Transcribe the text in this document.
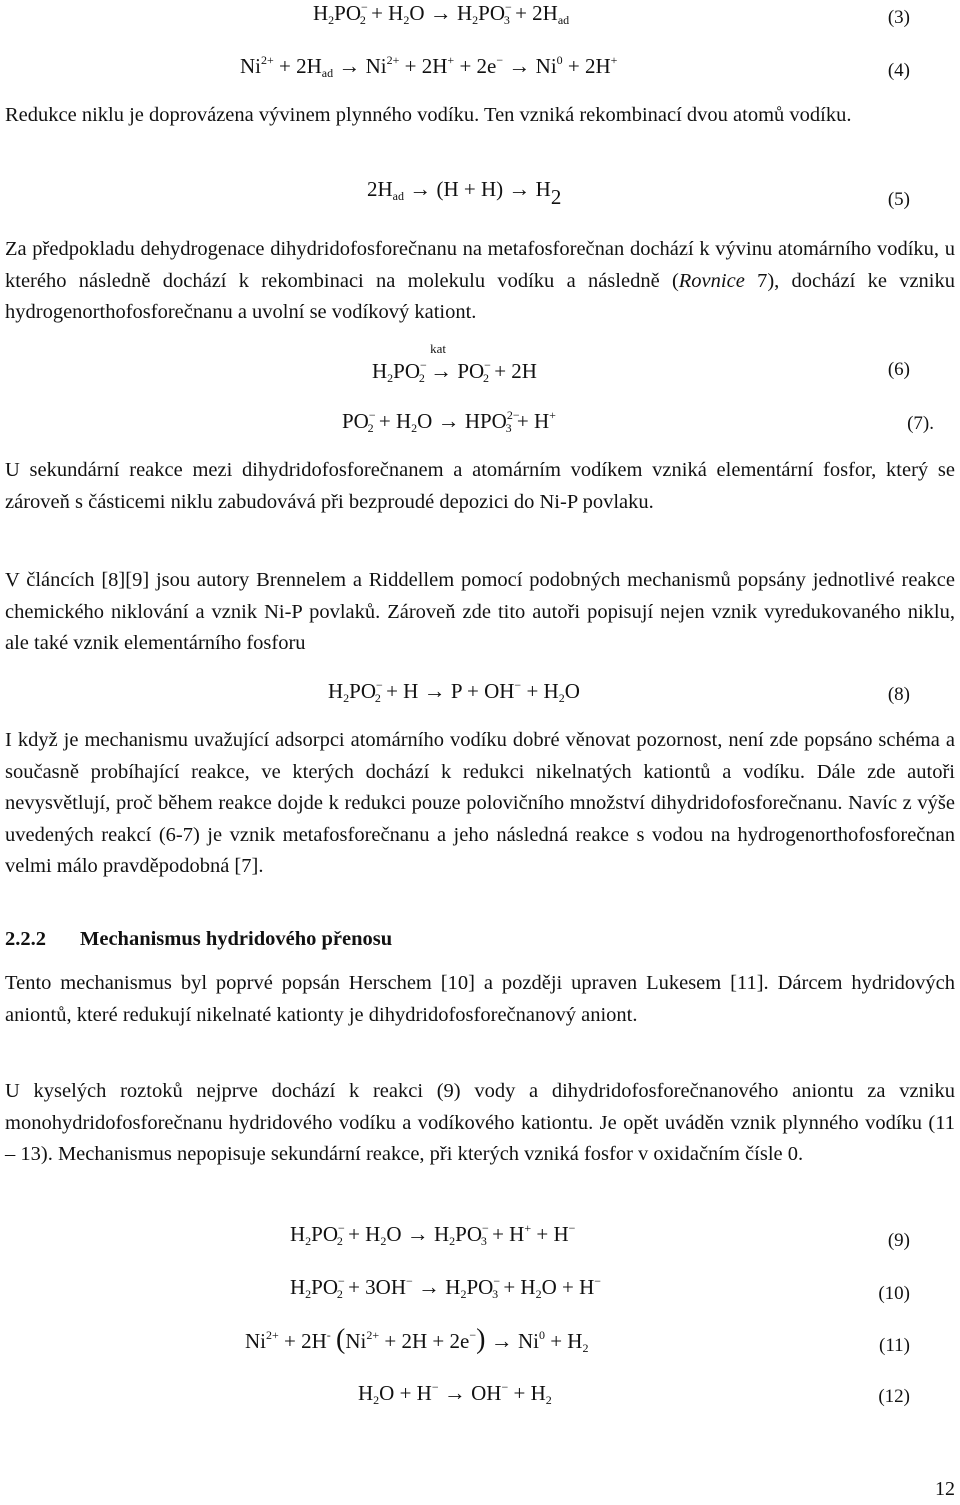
$H_2PO^-_2 + H_2O \to H_2PO^-_3 + 2H_{ad}$	(3)
$Ni^{2+} + 2H_{ad} \to Ni^{2+} + 2H^+ + 2e^- \to Ni^0 + 2H^+$	(4)

Redukce niklu je doprovázena vývinem plynného vodíku. Ten vzniká rekombinací dvou atomů vodíku.

$2H_{ad} \to (H + H) \to H_2$	(5)

Za předpokladu dehydrogenace dihydridofosforečnanu na metafosforečnan dochází k vývinu atomárního vodíku, u kterého následně dochází k rekombinaci na molekulu vodíku a následně (Rovnice 7), dochází ke vzniku hydrogenorthofosforečnanu a uvolní se vodíkový kationt.

$H_2PO^-_2$
kat
→ $PO^-_2 + 2H$	(6)
$PO^-_2 + H_2O \to HPO^{2-}_3 + H^+$	(7).

U sekundární reakce mezi dihydridofosforečnanem a atomárním vodíkem vzniká elementární fosfor, který se zároveň s částicemi niklu zabudovává při bezproudé depozici do Ni-P povlaku.

V článcích [8][9] jsou autory Brennelem a Riddellem pomocí podobných mechanismů popsány jednotlivé reakce chemického niklování a vznik Ni-P povlaků. Zároveň zde tito autoři popisují nejen vznik vyredukovaného niklu, ale také vznik elementárního fosforu

$H_2PO^-_2 + H \to P + OH^- + H_2O$	(8)

I když je mechanismu uvažující adsorpci atomárního vodíku dobré věnovat pozornost, není zde popsáno schéma a současně probíhající reakce, ve kterých dochází k redukci nikelnatých kationtů a vodíku. Dále zde autoři nevysvětlují, proč během reakce dojde k redukci pouze polovičního množství dihydridofosforečnanu. Navíc z výše uvedených reakcí (6-7) je vznik metafosforečnanu a jeho následná reakce s vodou na hydrogenorthofosforečnan velmi málo pravděpodobná [7].

2.2.2 Mechanismus hydridového přenosu

Tento mechanismus byl poprvé popsán Herschem [10] a později upraven Lukesem [11]. Dárcem hydridových aniontů, které redukují nikelnaté kationty je dihydridofosforečnanový aniont.

U kyselých roztoků nejprve dochází k reakci (9) vody a dihydridofosforečnanového aniontu za vzniku monohydridofosforečnanu hydridového vodíku a vodíkového kationtu. Je opět uváděn vznik plynného vodíku (11 – 13). Mechanismus nepopisuje sekundární reakce, při kterých vzniká fosfor v oxidačním čísle 0.

$H_2PO^-_2 + H_2O \to H_2PO^-_3 + H^+ + H^-$
(9)
$H_2PO^-_2 + 3OH^- \to H_2PO^-_3 + H_2O + H^-$
(10)
$Ni^{2+} + 2H^-$ $(Ni^{2+} + 2H + 2e^-) \to Ni^0 + H_2$	(11)
$H_2O + H^- \to OH^- + H_2$	(12)
12
